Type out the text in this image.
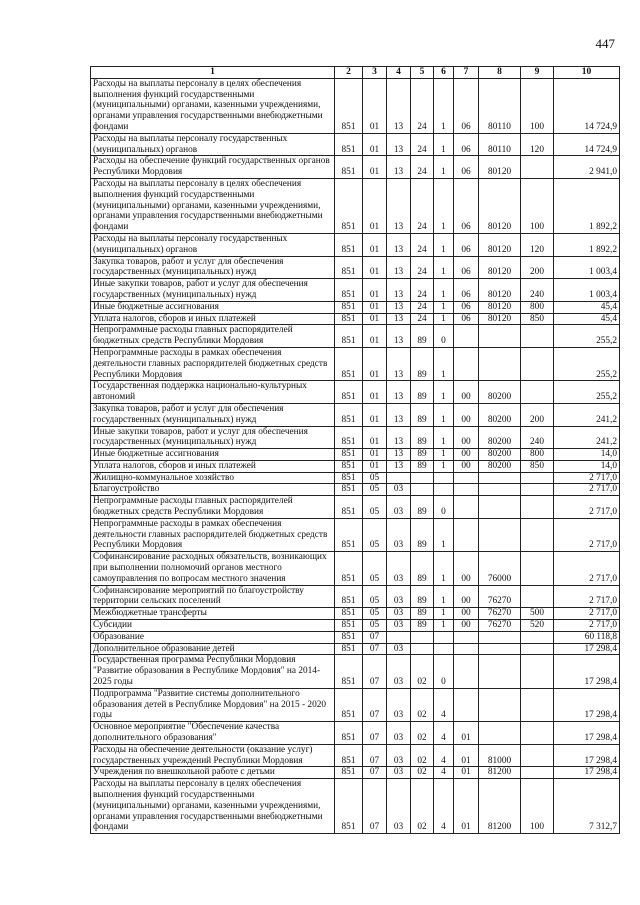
447
1	2	3	4	5	6	7	8	9	10
Расходы на выплаты персоналу в целях обеспечения выполнения функций государственными (муниципальными) органами, казенными учреждениями, органами управления государственными внебюджетными фондами	851	01	13	24	1	06	80110	100	14 724,9
Расходы на выплаты персоналу государственных (муниципальных) органов	851	01	13	24	1	06	80110	120	14 724,9
Расходы на обеспечение функций государственных органов Республики Мордовия	851	01	13	24	1	06	80120		2 941,0
Расходы на выплаты персоналу в целях обеспечения выполнения функций государственными (муниципальными) органами, казенными учреждениями, органами управления государственными внебюджетными фондами	851	01	13	24	1	06	80120	100	1 892,2
Расходы на выплаты персоналу государственных (муниципальных) органов	851	01	13	24	1	06	80120	120	1 892,2
Закупка товаров, работ и услуг для обеспечения государственных (муниципальных) нужд	851	01	13	24	1	06	80120	200	1 003,4
Иные закупки товаров, работ и услуг для обеспечения государственных (муниципальных) нужд	851	01	13	24	1	06	80120	240	1 003,4
Иные бюджетные ассигнования	851	01	13	24	1	06	80120	800	45,4
Уплата налогов, сборов и иных платежей	851	01	13	24	1	06	80120	850	45,4
Непрограммные расходы главных распорядителей бюджетных средств Республики Мордовия	851	01	13	89	0				255,2
Непрограммные расходы в рамках обеспечения деятельности главных распорядителей бюджетных средств Республики Мордовия	851	01	13	89	1				255,2
Государственная поддержка национально-культурных автономий	851	01	13	89	1	00	80200		255,2
Закупка товаров, работ и услуг для обеспечения государственных (муниципальных) нужд	851	01	13	89	1	00	80200	200	241,2
Иные закупки товаров, работ и услуг для обеспечения государственных (муниципальных) нужд	851	01	13	89	1	00	80200	240	241,2
Иные бюджетные ассигнования	851	01	13	89	1	00	80200	800	14,0
Уплата налогов, сборов и иных платежей	851	01	13	89	1	00	80200	850	14,0
Жилищно-коммунальное хозяйство	851	05							2 717,0
Благоустройство	851	05	03						2 717,0
Непрограммные расходы главных распорядителей бюджетных средств Республики Мордовия	851	05	03	89	0				2 717,0
Непрограммные расходы в рамках обеспечения деятельности главных распорядителей бюджетных средств Республики Мордовия	851	05	03	89	1				2 717,0
Софинансирование расходных обязательств, возникающих при выполнении полномочий органов местного самоуправления по вопросам местного значения	851	05	03	89	1	00	76000		2 717,0
Софинансирование мероприятий по благоустройству территории сельских поселений	851	05	03	89	1	00	76270		2 717,0
Межбюджетные трансферты	851	05	03	89	1	00	76270	500	2 717,0
Субсидии	851	05	03	89	1	00	76270	520	2 717,0
Образование	851	07							60 118,8
Дополнительное образование детей	851	07	03						17 298,4
Государственная программа Республики Мордовия "Развитие образования в Республике Мордовия" на 2014-2025 годы	851	07	03	02	0				17 298,4
Подпрограмма "Развитие системы дополнительного образования детей в Республике Мордовия" на 2015 - 2020 годы	851	07	03	02	4				17 298,4
Основное мероприятие "Обеспечение качества дополнительного образования"	851	07	03	02	4	01			17 298,4
Расходы на обеспечение деятельности (оказание услуг) государственных учреждений Республики Мордовия	851	07	03	02	4	01	81000		17 298,4
Учреждения по внешкольной работе с детьми	851	07	03	02	4	01	81200		17 298,4
Расходы на выплаты персоналу в целях обеспечения выполнения функций государственными (муниципальными) органами, казенными учреждениями, органами управления государственными внебюджетными фондами	851	07	03	02	4	01	81200	100	7 312,7
